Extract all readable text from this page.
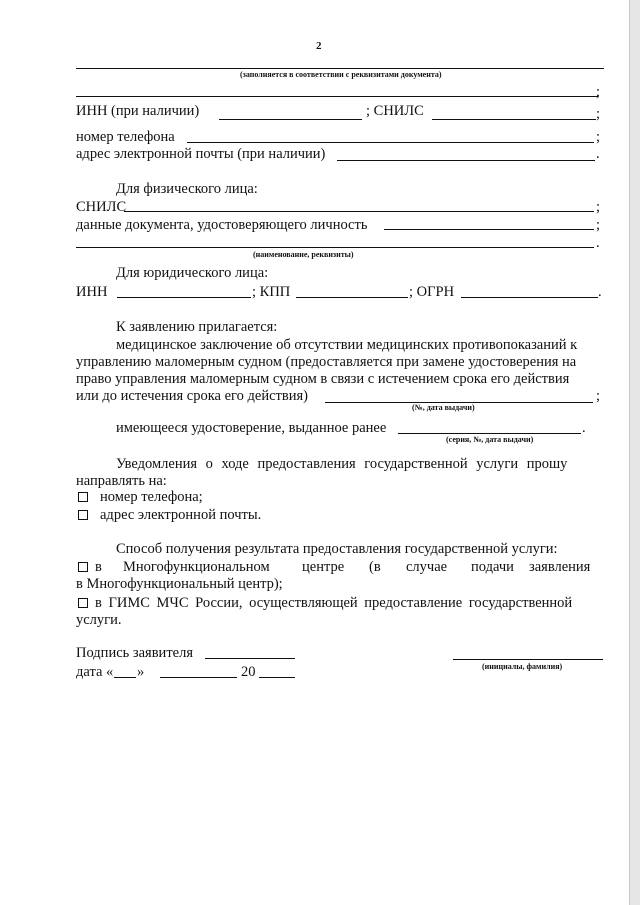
2
(заполняется в соответствии с реквизитами документа)
;
ИНН (при наличии)	; СНИЛС	;
номер телефона	;
адрес электронной почты (при наличии)	.
Для физического лица:
СНИЛС	;
данные документа, удостоверяющего личность	;
.
(наименование, реквизиты)
Для юридического лица:
ИНН	; КПП	; ОГРН	.
К заявлению прилагается:
медицинское заключение об отсутствии медицинских противопоказаний к
управлению маломерным судном (предоставляется при замене удостоверения на
право управления маломерным судном в связи с истечением срока его действия
или до истечения срока его действия)	;
(№, дата выдачи)
имеющееся удостоверение, выданное ранее	.
(серия, №, дата выдачи)
Уведомления о ходе предоставления государственной услуги прошу
направлять на:
номер телефона;
адрес электронной почты.
Способ получения результата предоставления государственной услуги:
в Многофункциональном центре (в случае подачи заявления
в Многофункциональный центр);
в ГИМС МЧС России, осуществляющей предоставление государственной
услуги.
Подпись заявителя
(инициалы, фамилия)
дата « »	20
